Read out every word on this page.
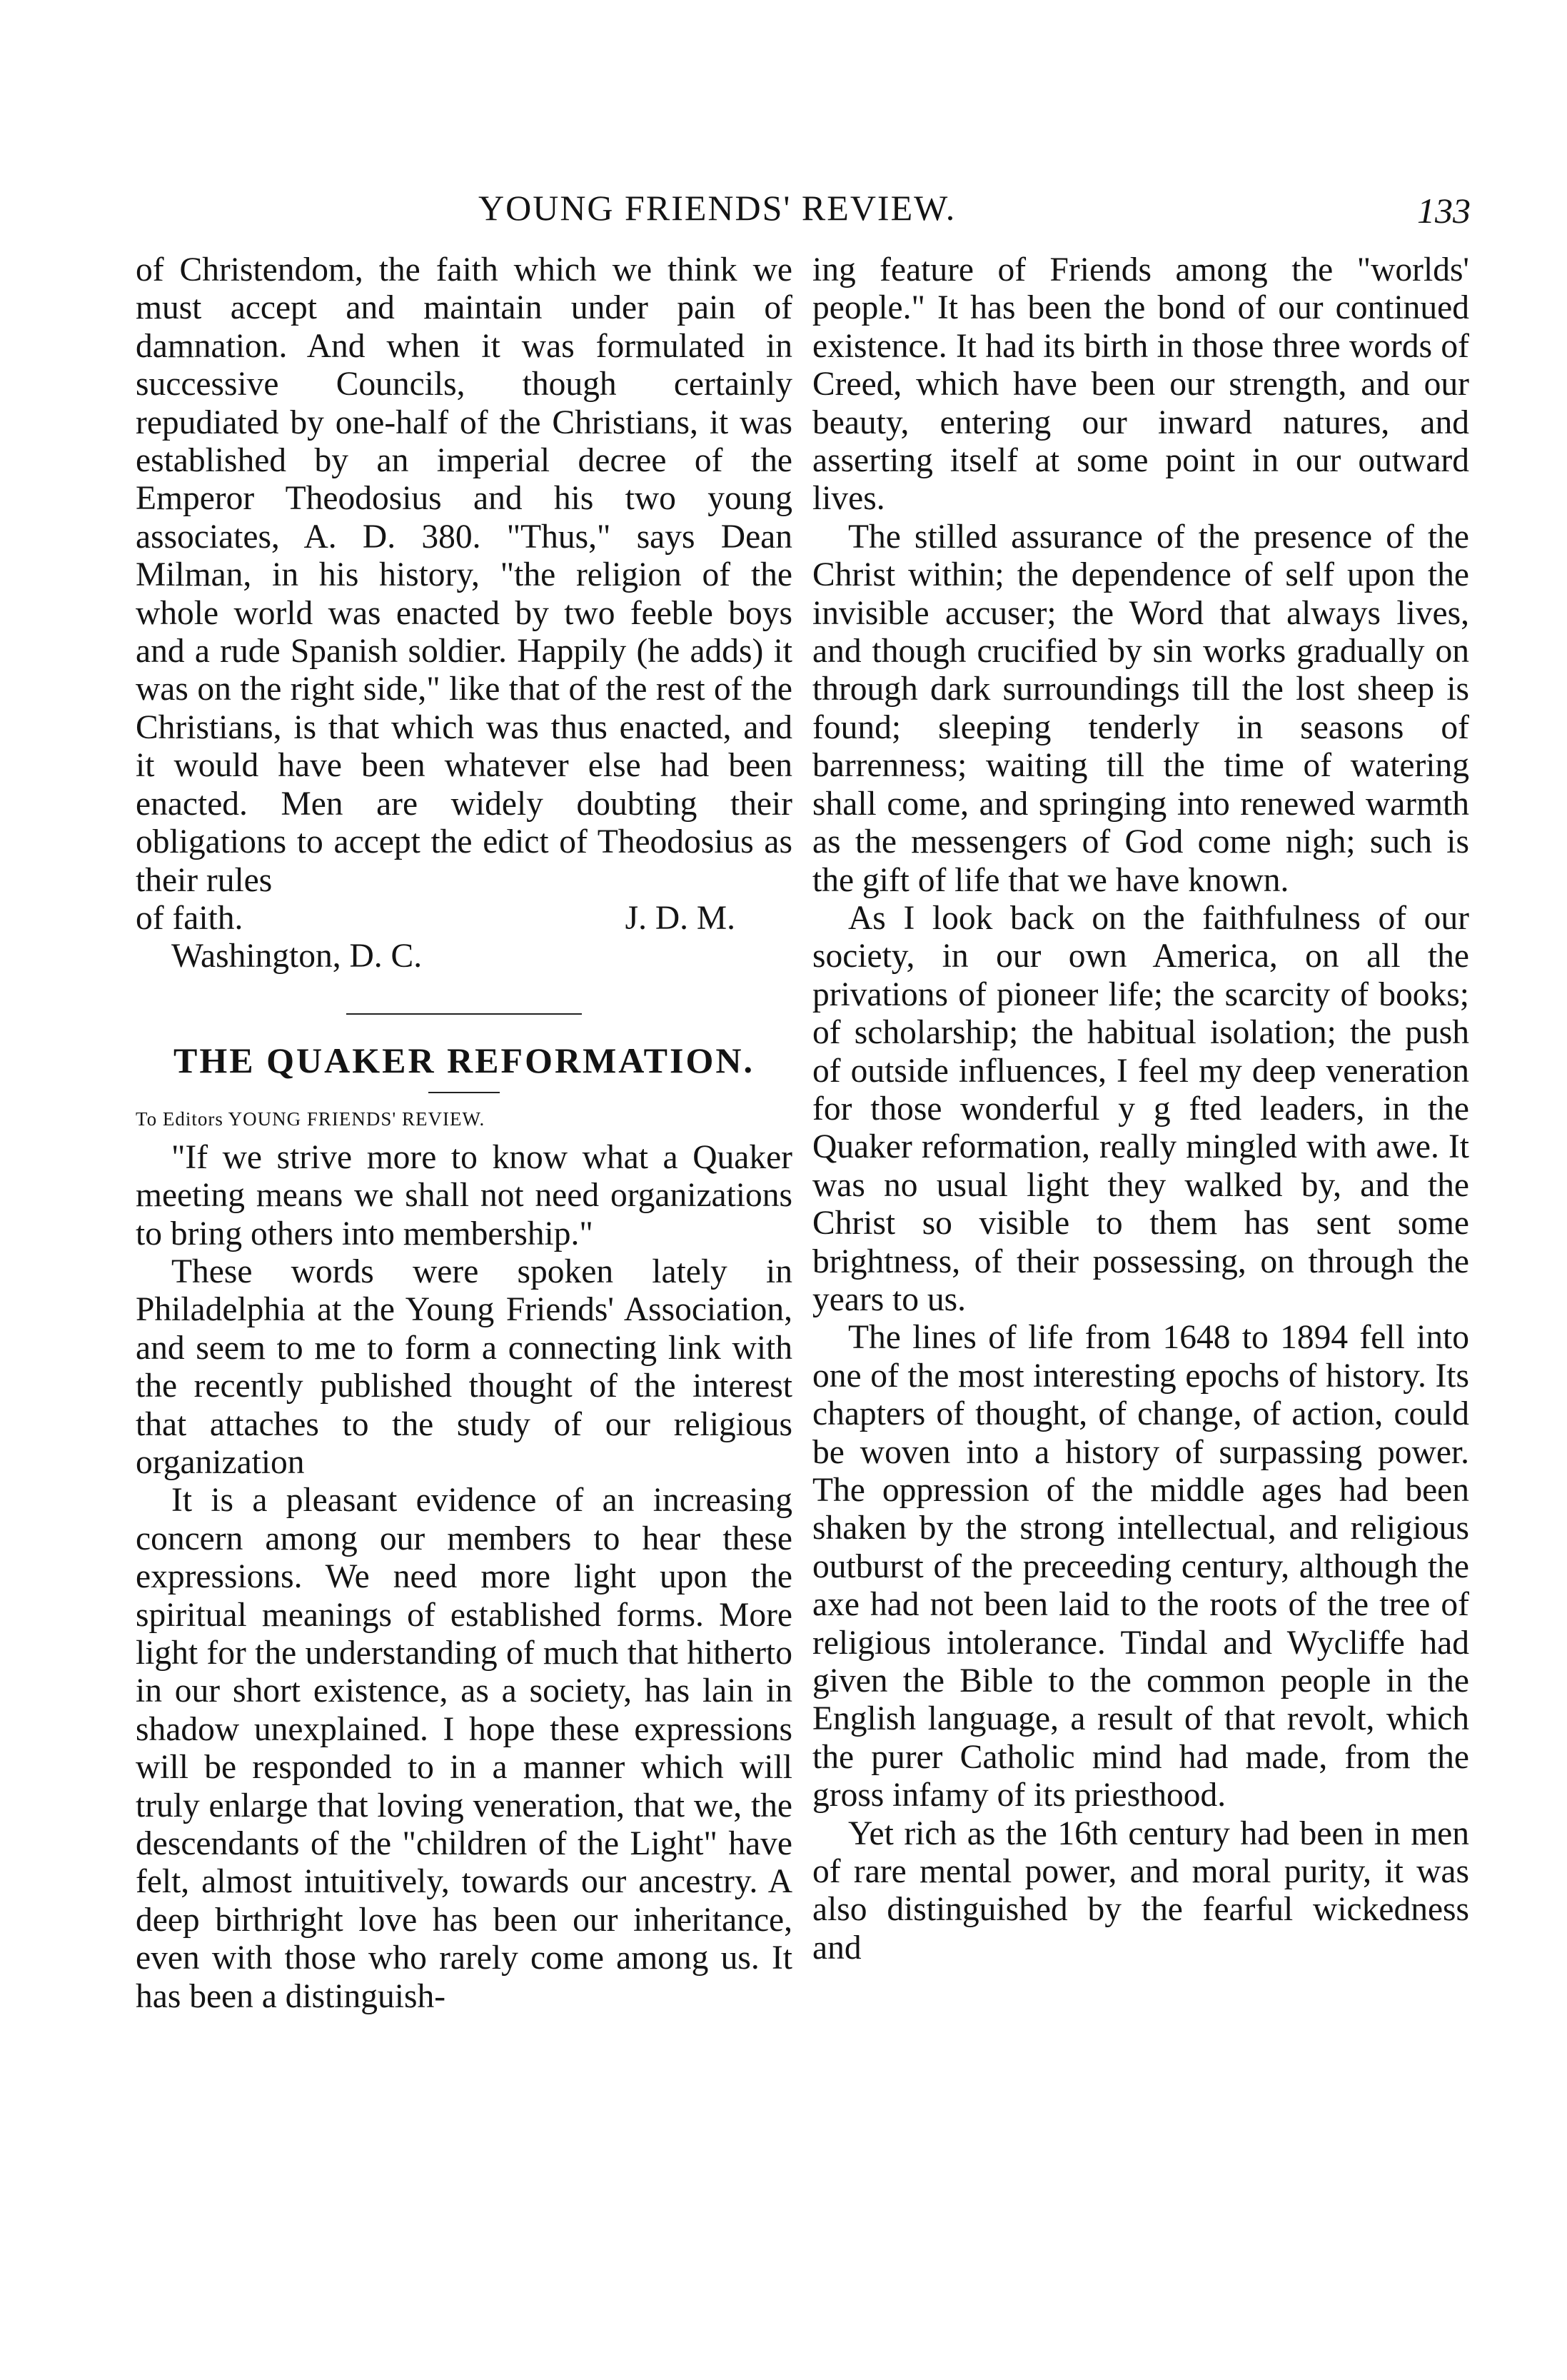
YOUNG FRIENDS' REVIEW.	133

of Christendom, the faith which we think we must accept and maintain under pain of damnation. And when it was formulated in successive Councils, though certainly repudiated by one-half of the Christians, it was established by an imperial decree of the Emperor Theodosius and his two young associates, A. D. 380. "Thus," says Dean Milman, in his history, "the religion of the whole world was enacted by two feeble boys and a rude Spanish soldier. Happily (he adds) it was on the right side," like that of the rest of the Christians, is that which was thus enacted, and it would have been whatever else had been enacted. Men are widely doubting their obligations to accept the edict of Theodosius as their rules

of faith.	J. D. M.

Washington, D. C.

THE QUAKER REFORMATION.

To Editors YOUNG FRIENDS' REVIEW.

"If we strive more to know what a Quaker meeting means we shall not need organizations to bring others into membership."

These words were spoken lately in Philadelphia at the Young Friends' Association, and seem to me to form a connecting link with the recently published thought of the interest that attaches to the study of our religious organization

It is a pleasant evidence of an increasing concern among our members to hear these expressions. We need more light upon the spiritual meanings of established forms. More light for the understanding of much that hitherto in our short existence, as a society, has lain in shadow unexplained. I hope these expressions will be responded to in a manner which will truly enlarge that loving veneration, that we, the descendants of the "children of the Light" have felt, almost intuitively, towards our ancestry. A deep birthright love has been our inheritance, even with those who rarely come among us. It has been a distinguish-

ing feature of Friends among the "worlds' people." It has been the bond of our continued existence. It had its birth in those three words of Creed, which have been our strength, and our beauty, entering our inward natures, and asserting itself at some point in our outward lives.

The stilled assurance of the presence of the Christ within; the dependence of self upon the invisible accuser; the Word that always lives, and though crucified by sin works gradually on through dark surroundings till the lost sheep is found; sleeping tenderly in seasons of barrenness; waiting till the time of watering shall come, and springing into renewed warmth as the messengers of God come nigh; such is the gift of life that we have known.

As I look back on the faithfulness of our society, in our own America, on all the privations of pioneer life; the scarcity of books; of scholarship; the habitual isolation; the push of outside influences, I feel my deep veneration for those wonderful y g fted leaders, in the Quaker reformation, really mingled with awe. It was no usual light they walked by, and the Christ so visible to them has sent some brightness, of their possessing, on through the years to us.

The lines of life from 1648 to 1894 fell into one of the most interesting epochs of history. Its chapters of thought, of change, of action, could be woven into a history of surpassing power. The oppression of the middle ages had been shaken by the strong intellectual, and religious outburst of the preceeding century, although the axe had not been laid to the roots of the tree of religious intolerance. Tindal and Wycliffe had given the Bible to the common people in the English language, a result of that revolt, which the purer Catholic mind had made, from the gross infamy of its priesthood.

Yet rich as the 16th century had been in men of rare mental power, and moral purity, it was also distinguished by the fearful wickedness and
